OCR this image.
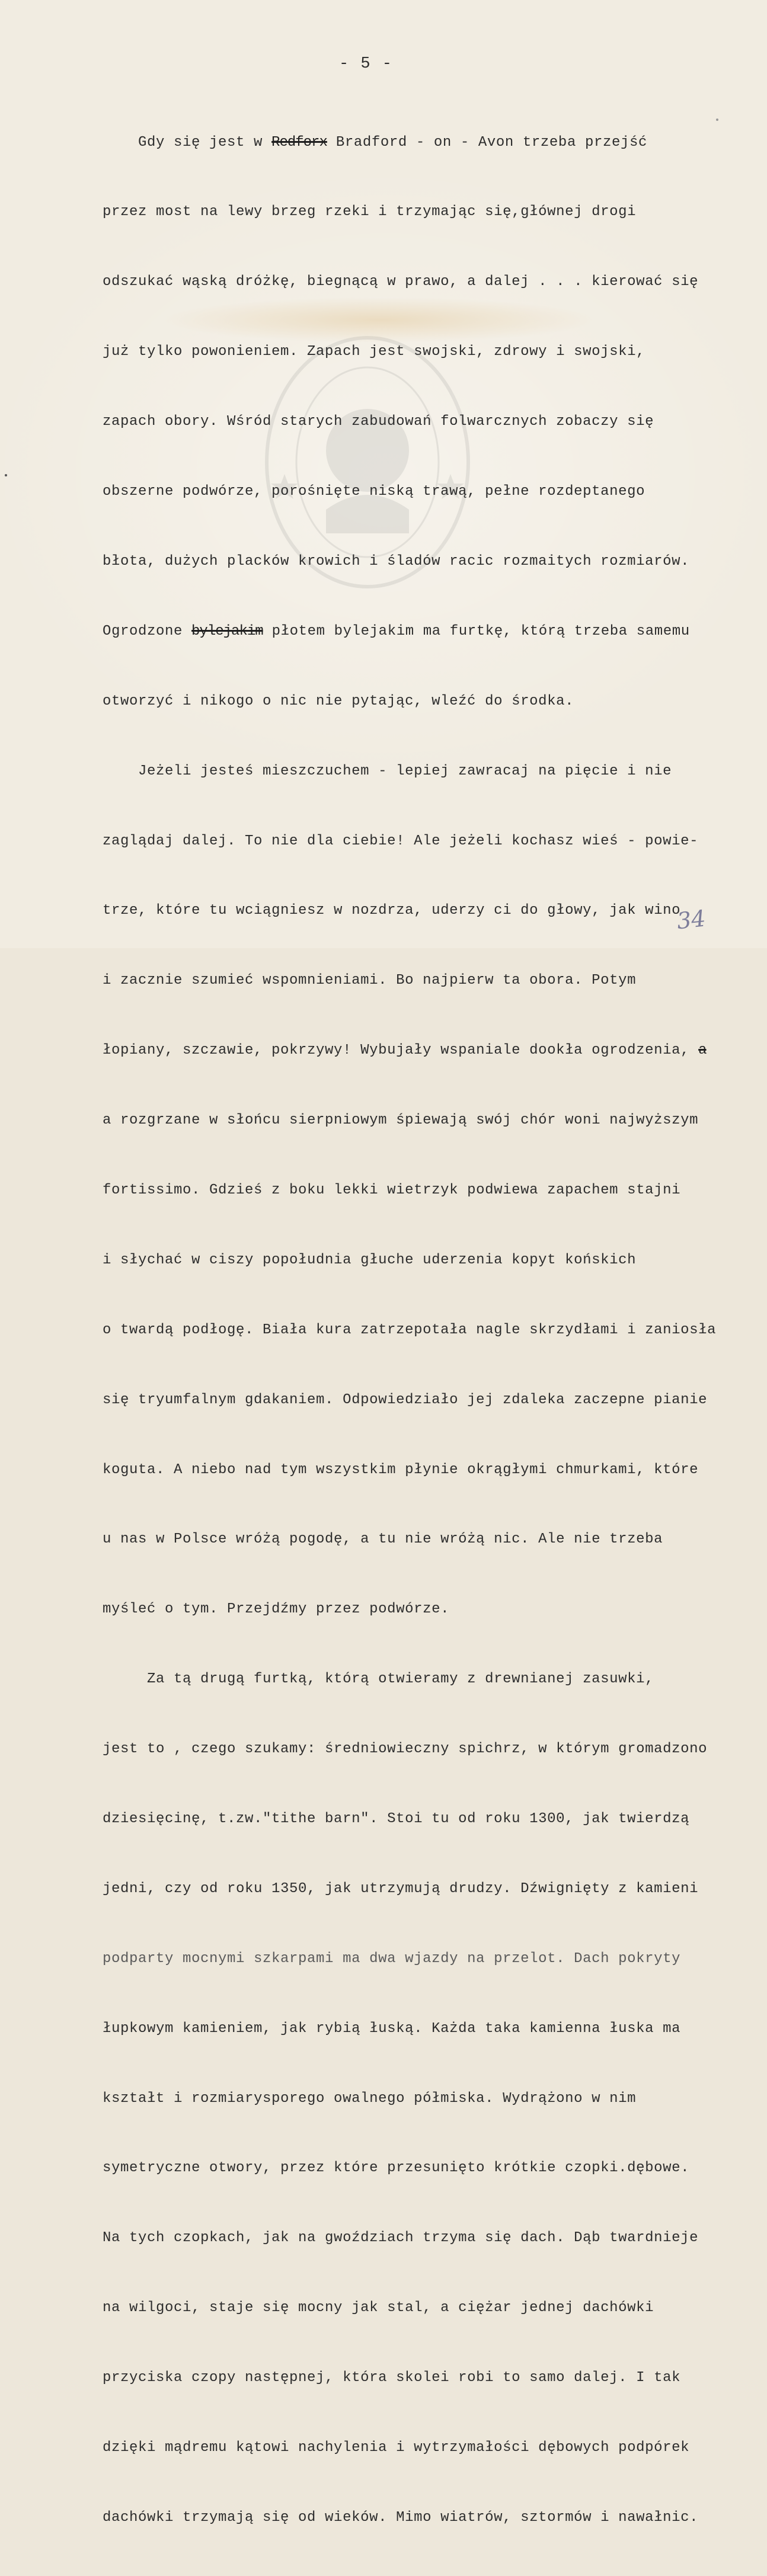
- 5 -

Gdy się jest w Redforx Bradford - on - Avon trzeba przejść

przez most na lewy brzeg rzeki i trzymając się,głównej drogi

odszukać wąską dróżkę, biegnącą w prawo, a dalej . . . kierować się

już tylko powonieniem. Zapach jest swojski, zdrowy i swojski,

zapach obory. Wśród starych zabudowań folwarcznych zobaczy się

obszerne podwórze, porośnięte niską trawą, pełne rozdeptanego

błota, dużych placków krowich i śladów racic rozmaitych rozmiarów.

Ogrodzone bylejakim płotem bylejakim ma furtkę, którą trzeba samemu

otworzyć i nikogo o nic nie pytając, wleźć do środka.

Jeżeli jesteś mieszczuchem - lepiej zawracaj na pięcie i nie

zaglądaj dalej. To nie dla ciebie! Ale jeżeli kochasz wieś - powie-

trze, które tu wciągniesz w nozdrza, uderzy ci do głowy, jak wino

i zacznie szumieć wspomnieniami. Bo najpierw ta obora. Potym

łopiany, szczawie, pokrzywy! Wybujały wspaniale dookła ogrodzenia, a

a rozgrzane w słońcu sierpniowym śpiewają swój chór woni najwyższym

fortissimo. Gdzieś z boku lekki wietrzyk podwiewa zapachem stajni

i słychać w ciszy popołudnia głuche uderzenia kopyt końskich

o twardą podłogę. Biała kura zatrzepotała nagle skrzydłami i zaniosła

się tryumfalnym gdakaniem. Odpowiedziało jej zdaleka zaczepne pianie

koguta. A niebo nad tym wszystkim płynie okrągłymi chmurkami, które

u nas w Polsce wróżą pogodę, a tu nie wróżą nic. Ale nie trzeba

myśleć o tym. Przejdźmy przez podwórze.

Za tą drugą furtką, którą otwieramy z drewnianej zasuwki,

jest to , czego szukamy: średniowieczny spichrz, w którym gromadzono

dziesięcinę, t.zw."tithe barn". Stoi tu od roku 1300, jak twierdzą

jedni, czy od roku 1350, jak utrzymują drudzy. Dźwignięty z kamieni

podparty mocnymi szkarpami ma dwa wjazdy na przelot. Dach pokryty

łupkowym kamieniem, jak rybią łuską. Każda taka kamienna łuska ma

kształt i rozmiarysporego owalnego półmiska. Wydrążono w nim

symetryczne otwory, przez które przesunięto krótkie czopki.dębowe.

Na tych czopkach, jak na gwoździach trzyma się dach. Dąb twardnieje

na wilgoci, staje się mocny jak stal, a ciężar jednej dachówki

przyciska czopy następnej, która skolei robi to samo dalej. I tak

dzięki mądremu kątowi nachylenia i wytrzymałości dębowych podpórek

dachówki trzymają się od wieków. Mimo wiatrów, sztormów i nawałnic.

34
